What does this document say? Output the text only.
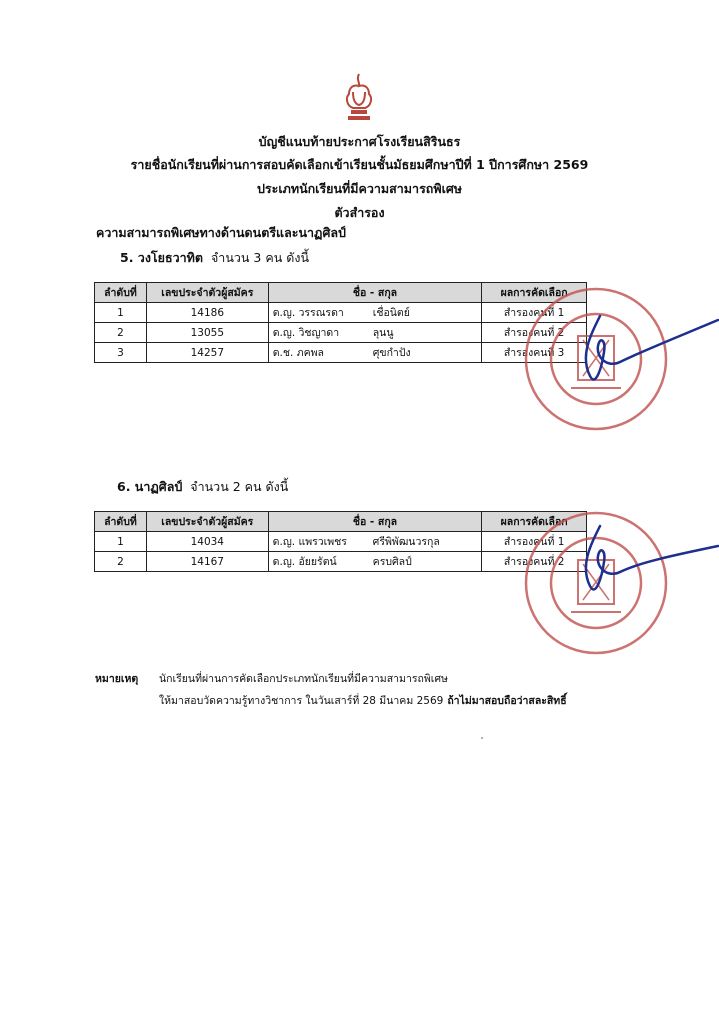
บัญชีแนบท้ายประกาศโรงเรียนสิรินธร
รายชื่อนักเรียนที่ผ่านการสอบคัดเลือกเข้าเรียนชั้นมัธยมศึกษาปีที่ 1 ปีการศึกษา 2569
ประเภทนักเรียนที่มีความสามารถพิเศษ
ตัวสำรอง
ความสามารถพิเศษทางด้านดนตรีและนาฏศิลป์
5. วงโยธวาทิต จำนวน 3 คน ดังนี้
ลำดับที่	เลขประจำตัวผู้สมัคร	ชื่อ - สกุล	ผลการคัดเลือก
1	14186	ด.ญ. วรรณรดา เชื่อนิตย์	สำรองคนที่ 1
2	13055	ด.ญ. วิชญาดา ลุนนู	สำรองคนที่ 2
3	14257	ด.ช. ภคพล ศุขกำปัง	สำรองคนที่ 3
6. นาฏศิลป์ จำนวน 2 คน ดังนี้
ลำดับที่	เลขประจำตัวผู้สมัคร	ชื่อ - สกุล	ผลการคัดเลือก
1	14034	ด.ญ. แพรวเพชร ศรีพิพัฒนวรกุล	สำรองคนที่ 1
2	14167	ด.ญ. อัยยรัตน์ ครบศิลป์	สำรองคนที่ 2
หมายเหตุ นักเรียนที่ผ่านการคัดเลือกประเภทนักเรียนที่มีความสามารถพิเศษ
ให้มาสอบวัดความรู้ทางวิชาการ ในวันเสาร์ที่ 28 มีนาคม 2569 ถ้าไม่มาสอบถือว่าสละสิทธิ์
